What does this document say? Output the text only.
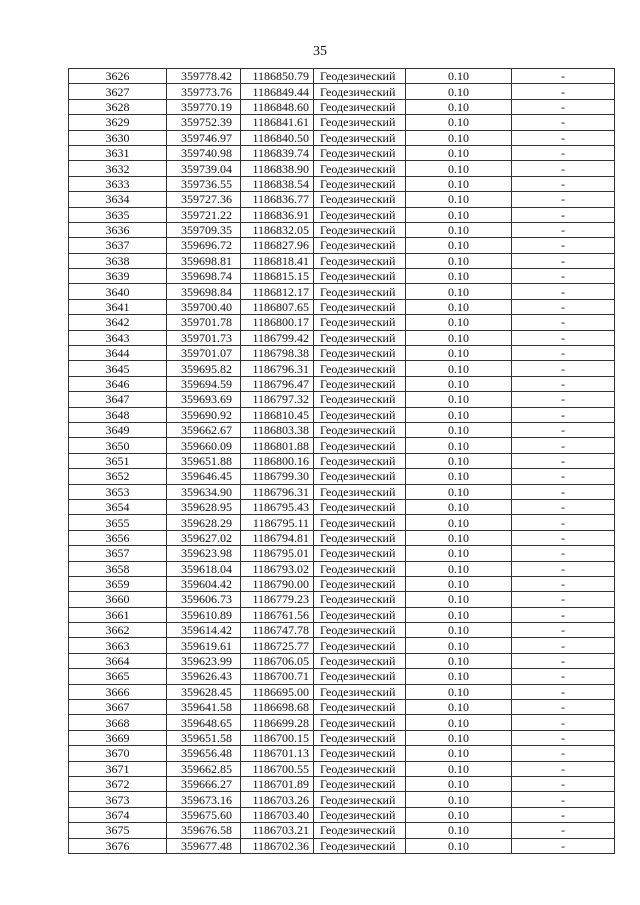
35
3626	359778.42	1186850.79	Геодезический	0.10	-
3627	359773.76	1186849.44	Геодезический	0.10	-
3628	359770.19	1186848.60	Геодезический	0.10	-
3629	359752.39	1186841.61	Геодезический	0.10	-
3630	359746.97	1186840.50	Геодезический	0.10	-
3631	359740.98	1186839.74	Геодезический	0.10	-
3632	359739.04	1186838.90	Геодезический	0.10	-
3633	359736.55	1186838.54	Геодезический	0.10	-
3634	359727.36	1186836.77	Геодезический	0.10	-
3635	359721.22	1186836.91	Геодезический	0.10	-
3636	359709.35	1186832.05	Геодезический	0.10	-
3637	359696.72	1186827.96	Геодезический	0.10	-
3638	359698.81	1186818.41	Геодезический	0.10	-
3639	359698.74	1186815.15	Геодезический	0.10	-
3640	359698.84	1186812.17	Геодезический	0.10	-
3641	359700.40	1186807.65	Геодезический	0.10	-
3642	359701.78	1186800.17	Геодезический	0.10	-
3643	359701.73	1186799.42	Геодезический	0.10	-
3644	359701.07	1186798.38	Геодезический	0.10	-
3645	359695.82	1186796.31	Геодезический	0.10	-
3646	359694.59	1186796.47	Геодезический	0.10	-
3647	359693.69	1186797.32	Геодезический	0.10	-
3648	359690.92	1186810.45	Геодезический	0.10	-
3649	359662.67	1186803.38	Геодезический	0.10	-
3650	359660.09	1186801.88	Геодезический	0.10	-
3651	359651.88	1186800.16	Геодезический	0.10	-
3652	359646.45	1186799.30	Геодезический	0.10	-
3653	359634.90	1186796.31	Геодезический	0.10	-
3654	359628.95	1186795.43	Геодезический	0.10	-
3655	359628.29	1186795.11	Геодезический	0.10	-
3656	359627.02	1186794.81	Геодезический	0.10	-
3657	359623.98	1186795.01	Геодезический	0.10	-
3658	359618.04	1186793.02	Геодезический	0.10	-
3659	359604.42	1186790.00	Геодезический	0.10	-
3660	359606.73	1186779.23	Геодезический	0.10	-
3661	359610.89	1186761.56	Геодезический	0.10	-
3662	359614.42	1186747.78	Геодезический	0.10	-
3663	359619.61	1186725.77	Геодезический	0.10	-
3664	359623.99	1186706.05	Геодезический	0.10	-
3665	359626.43	1186700.71	Геодезический	0.10	-
3666	359628.45	1186695.00	Геодезический	0.10	-
3667	359641.58	1186698.68	Геодезический	0.10	-
3668	359648.65	1186699.28	Геодезический	0.10	-
3669	359651.58	1186700.15	Геодезический	0.10	-
3670	359656.48	1186701.13	Геодезический	0.10	-
3671	359662.85	1186700.55	Геодезический	0.10	-
3672	359666.27	1186701.89	Геодезический	0.10	-
3673	359673.16	1186703.26	Геодезический	0.10	-
3674	359675.60	1186703.40	Геодезический	0.10	-
3675	359676.58	1186703.21	Геодезический	0.10	-
3676	359677.48	1186702.36	Геодезический	0.10	-
